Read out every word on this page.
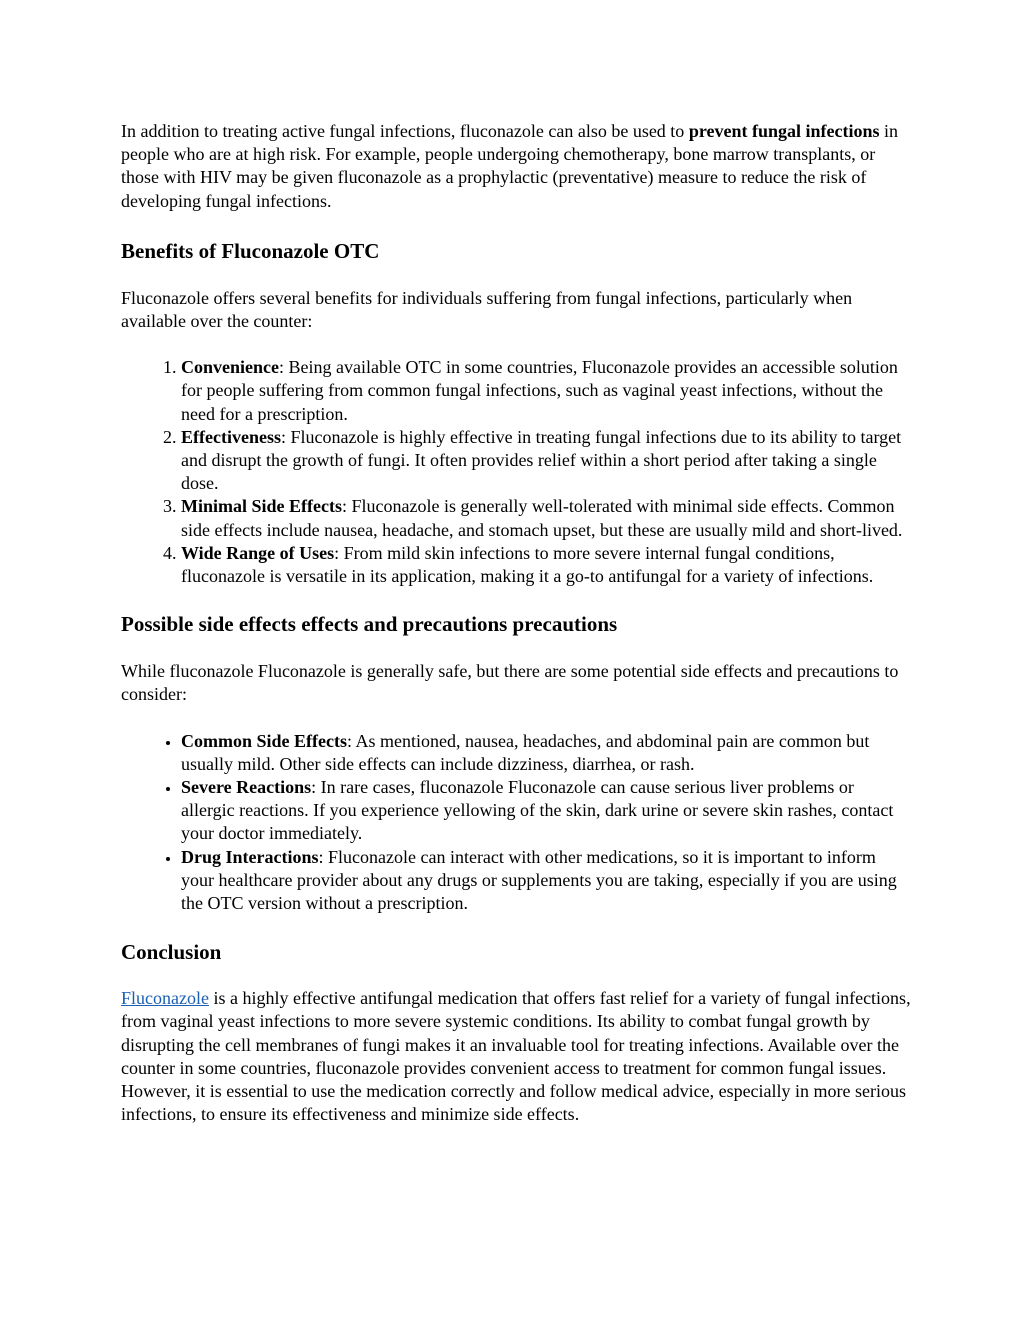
In addition to treating active fungal infections, fluconazole can also be used to prevent fungal infections in people who are at high risk. For example, people undergoing chemotherapy, bone marrow transplants, or those with HIV may be given fluconazole as a prophylactic (preventative) measure to reduce the risk of developing fungal infections.

Benefits of Fluconazole OTC

Fluconazole offers several benefits for individuals suffering from fungal infections, particularly when available over the counter:

1. Convenience: Being available OTC in some countries, Fluconazole provides an accessible solution for people suffering from common fungal infections, such as vaginal yeast infections, without the need for a prescription.
2. Effectiveness: Fluconazole is highly effective in treating fungal infections due to its ability to target and disrupt the growth of fungi. It often provides relief within a short period after taking a single dose.
3. Minimal Side Effects: Fluconazole is generally well-tolerated with minimal side effects. Common side effects include nausea, headache, and stomach upset, but these are usually mild and short-lived.
4. Wide Range of Uses: From mild skin infections to more severe internal fungal conditions, fluconazole is versatile in its application, making it a go-to antifungal for a variety of infections.
Possible side effects effects and precautions precautions

While fluconazole Fluconazole is generally safe, but there are some potential side effects and precautions to consider:

• Common Side Effects: As mentioned, nausea, headaches, and abdominal pain are common but usually mild. Other side effects can include dizziness, diarrhea, or rash.
• Severe Reactions: In rare cases, fluconazole Fluconazole can cause serious liver problems or allergic reactions. If you experience yellowing of the skin, dark urine or severe skin rashes, contact your doctor immediately.
• Drug Interactions: Fluconazole can interact with other medications, so it is important to inform your healthcare provider about any drugs or supplements you are taking, especially if you are using the OTC version without a prescription.
Conclusion

Fluconazole is a highly effective antifungal medication that offers fast relief for a variety of fungal infections, from vaginal yeast infections to more severe systemic conditions. Its ability to combat fungal growth by disrupting the cell membranes of fungi makes it an invaluable tool for treating infections. Available over the counter in some countries, fluconazole provides convenient access to treatment for common fungal issues. However, it is essential to use the medication correctly and follow medical advice, especially in more serious infections, to ensure its effectiveness and minimize side effects.
